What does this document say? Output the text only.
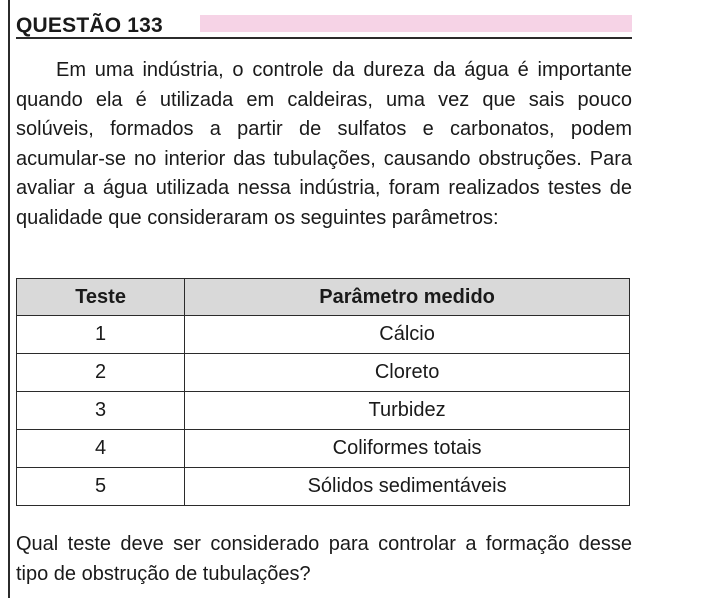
QUESTÃO 133

Em uma indústria, o controle da dureza da água é importante quando ela é utilizada em caldeiras, uma vez que sais pouco solúveis, formados a partir de sulfatos e carbonatos, podem acumular-se no interior das tubulações, causando obstruções. Para avaliar a água utilizada nessa indústria, foram realizados testes de qualidade que consideraram os seguintes parâmetros:

Teste	Parâmetro medido
1	Cálcio
2	Cloreto
3	Turbidez
4	Coliformes totais
5	Sólidos sedimentáveis

Qual teste deve ser considerado para controlar a formação desse tipo de obstrução de tubulações?
